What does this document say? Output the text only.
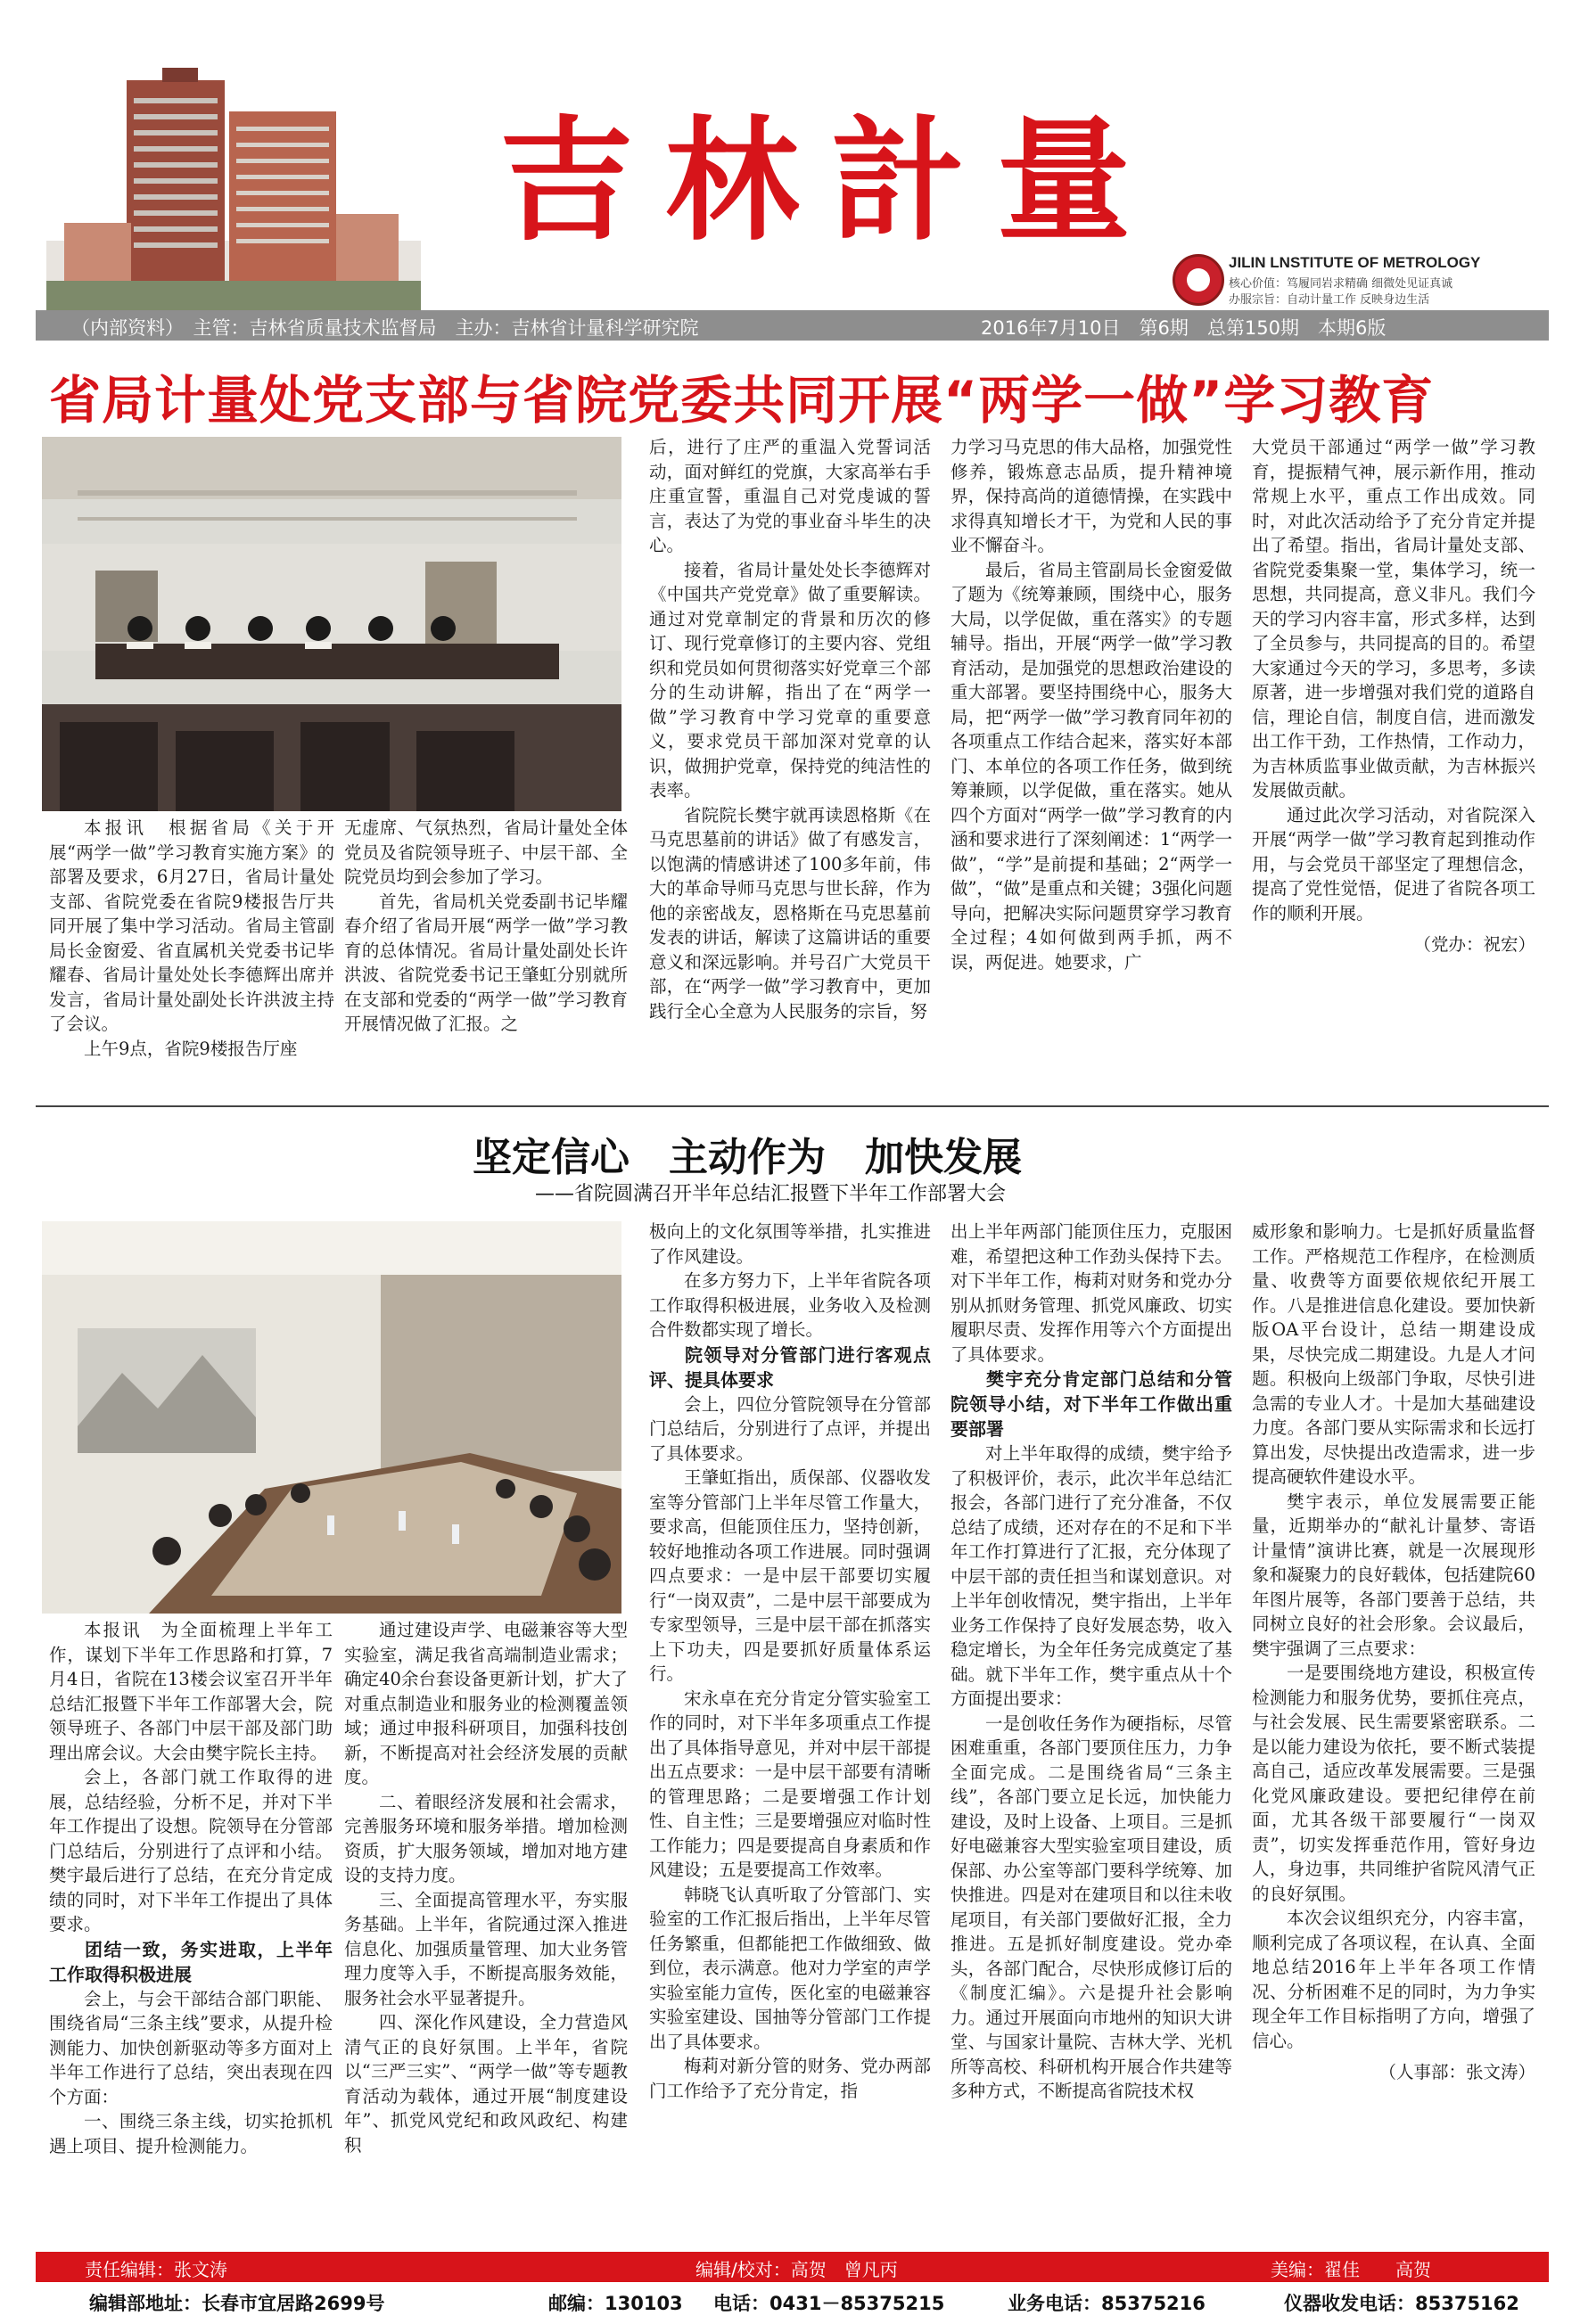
吉林計量
JILIN LNSTITUTE OF METROLOGY
核心价值：笃履同岩求精确 细微处见证真诚
办服宗旨：自动计量工作 反映身边生活
（内部资料）　主管：吉林省质量技术监督局　主办：吉林省计量科学研究院	2016年7月10日　第6期　总第150期　本期6版
省局计量处党支部与省院党委共同开展“两学一做”学习教育

本报讯　根据省局《关于开展“两学一做”学习教育实施方案》的部署及要求，6月27日，省局计量处支部、省院党委在省院9楼报告厅共同开展了集中学习活动。省局主管副局长金窗爱、省直属机关党委书记毕耀春、省局计量处处长李德辉出席并发言，省局计量处副处长许洪波主持了会议。

上午9点，省院9楼报告厅座

无虚席、气氛热烈，省局计量处全体党员及省院领导班子、中层干部、全院党员均到会参加了学习。

首先，省局机关党委副书记毕耀春介绍了省局开展“两学一做”学习教育的总体情况。省局计量处副处长许洪波、省院党委书记王肇虹分别就所在支部和党委的“两学一做”学习教育开展情况做了汇报。之

后，进行了庄严的重温入党誓词活动，面对鲜红的党旗，大家高举右手庄重宣誓，重温自己对党虔诚的誓言，表达了为党的事业奋斗毕生的决心。

接着，省局计量处处长李德辉对《中国共产党党章》做了重要解读。通过对党章制定的背景和历次的修订、现行党章修订的主要内容、党组织和党员如何贯彻落实好党章三个部分的生动讲解，指出了在“两学一做”学习教育中学习党章的重要意义，要求党员干部加深对党章的认识，做拥护党章，保持党的纯洁性的表率。

省院院长樊宇就再读恩格斯《在马克思墓前的讲话》做了有感发言，以饱满的情感讲述了100多年前，伟大的革命导师马克思与世长辞，作为他的亲密战友，恩格斯在马克思墓前发表的讲话，解读了这篇讲话的重要意义和深远影响。并号召广大党员干部，在“两学一做”学习教育中，更加践行全心全意为人民服务的宗旨，努

力学习马克思的伟大品格，加强党性修养，锻炼意志品质，提升精神境界，保持高尚的道德情操，在实践中求得真知增长才干，为党和人民的事业不懈奋斗。

最后，省局主管副局长金窗爱做了题为《统筹兼顾，围绕中心，服务大局，以学促做，重在落实》的专题辅导。指出，开展“两学一做”学习教育活动，是加强党的思想政治建设的重大部署。要坚持围绕中心，服务大局，把“两学一做”学习教育同年初的各项重点工作结合起来，落实好本部门、本单位的各项工作任务，做到统筹兼顾，以学促做，重在落实。她从四个方面对“两学一做”学习教育的内涵和要求进行了深刻阐述：1“两学一做”，“学”是前提和基础；2“两学一做”，“做”是重点和关键；3强化问题导向，把解决实际问题贯穿学习教育全过程；4如何做到两手抓，两不误，两促进。她要求，广

大党员干部通过“两学一做”学习教育，提振精气神，展示新作用，推动常规上水平，重点工作出成效。同时，对此次活动给予了充分肯定并提出了希望。指出，省局计量处支部、省院党委集聚一堂，集体学习，统一思想，共同提高，意义非凡。我们今天的学习内容丰富，形式多样，达到了全员参与，共同提高的目的。希望大家通过今天的学习，多思考，多读原著，进一步增强对我们党的道路自信，理论自信，制度自信，进而激发出工作干劲，工作热情，工作动力，为吉林质监事业做贡献，为吉林振兴发展做贡献。

通过此次学习活动，对省院深入开展“两学一做”学习教育起到推动作用，与会党员干部坚定了理想信念，提高了党性觉悟，促进了省院各项工作的顺利开展。

（党办：祝宏）

坚定信心　主动作为　加快发展
——省院圆满召开半年总结汇报暨下半年工作部署大会

本报讯　为全面梳理上半年工作，谋划下半年工作思路和打算，7月4日，省院在13楼会议室召开半年总结汇报暨下半年工作部署大会，院领导班子、各部门中层干部及部门助理出席会议。大会由樊宇院长主持。

会上，各部门就工作取得的进展，总结经验，分析不足，并对下半年工作提出了设想。院领导在分管部门总结后，分别进行了点评和小结。樊宇最后进行了总结，在充分肯定成绩的同时，对下半年工作提出了具体要求。

团结一致，务实进取，上半年工作取得积极进展

会上，与会干部结合部门职能、围绕省局“三条主线”要求，从提升检测能力、加快创新驱动等多方面对上半年工作进行了总结，突出表现在四个方面：

一、围绕三条主线，切实抢抓机遇上项目、提升检测能力。

通过建设声学、电磁兼容等大型实验室，满足我省高端制造业需求；确定40余台套设备更新计划，扩大了对重点制造业和服务业的检测覆盖领域；通过申报科研项目，加强科技创新，不断提高对社会经济发展的贡献度。

二、着眼经济发展和社会需求，完善服务环境和服务举措。增加检测资质，扩大服务领域，增加对地方建设的支持力度。

三、全面提高管理水平，夯实服务基础。上半年，省院通过深入推进信息化、加强质量管理、加大业务管理力度等入手，不断提高服务效能，服务社会水平显著提升。

四、深化作风建设，全力营造风清气正的良好氛围。上半年，省院以“三严三实”、“两学一做”等专题教育活动为载体，通过开展“制度建设年”、抓党风党纪和政风政纪、构建积

极向上的文化氛围等举措，扎实推进了作风建设。

在多方努力下，上半年省院各项工作取得积极进展，业务收入及检测合件数都实现了增长。

院领导对分管部门进行客观点评、提具体要求

会上，四位分管院领导在分管部门总结后，分别进行了点评，并提出了具体要求。

王肇虹指出，质保部、仪器收发室等分管部门上半年尽管工作量大，要求高，但能顶住压力，坚持创新，较好地推动各项工作进展。同时强调四点要求：一是中层干部要切实履行“一岗双责”，二是中层干部要成为专家型领导，三是中层干部在抓落实上下功夫，四是要抓好质量体系运行。

宋永卓在充分肯定分管实验室工作的同时，对下半年多项重点工作提出了具体指导意见，并对中层干部提出五点要求：一是中层干部要有清晰的管理思路；二是要增强工作计划性、自主性；三是要增强应对临时性工作能力；四是要提高自身素质和作风建设；五是要提高工作效率。

韩晓飞认真听取了分管部门、实验室的工作汇报后指出，上半年尽管任务繁重，但都能把工作做细致、做到位，表示满意。他对力学室的声学实验室能力宣传，医化室的电磁兼容实验室建设、国抽等分管部门工作提出了具体要求。

梅莉对新分管的财务、党办两部门工作给予了充分肯定，指

出上半年两部门能顶住压力，克服困难，希望把这种工作劲头保持下去。对下半年工作，梅莉对财务和党办分别从抓财务管理、抓党风廉政、切实履职尽责、发挥作用等六个方面提出了具体要求。

樊宇充分肯定部门总结和分管院领导小结，对下半年工作做出重要部署

对上半年取得的成绩，樊宇给予了积极评价，表示，此次半年总结汇报会，各部门进行了充分准备，不仅总结了成绩，还对存在的不足和下半年工作打算进行了汇报，充分体现了中层干部的责任担当和谋划意识。对上半年创收情况，樊宇指出，上半年业务工作保持了良好发展态势，收入稳定增长，为全年任务完成奠定了基础。就下半年工作，樊宇重点从十个方面提出要求：

一是创收任务作为硬指标，尽管困难重重，各部门要顶住压力，力争全面完成。二是围绕省局“三条主线”，各部门要立足长远，加快能力建设，及时上设备、上项目。三是抓好电磁兼容大型实验室项目建设，质保部、办公室等部门要科学统筹、加快推进。四是对在建项目和以往未收尾项目，有关部门要做好汇报，全力推进。五是抓好制度建设。党办牵头，各部门配合，尽快形成修订后的《制度汇编》。六是提升社会影响力。通过开展面向市地州的知识大讲堂、与国家计量院、吉林大学、光机所等高校、科研机构开展合作共建等多种方式，不断提高省院技术权

威形象和影响力。七是抓好质量监督工作。严格规范工作程序，在检测质量、收费等方面要依规依纪开展工作。八是推进信息化建设。要加快新版OA平台设计，总结一期建设成果，尽快完成二期建设。九是人才问题。积极向上级部门争取，尽快引进急需的专业人才。十是加大基础建设力度。各部门要从实际需求和长远打算出发，尽快提出改造需求，进一步提高硬软件建设水平。

樊宇表示，单位发展需要正能量，近期举办的“献礼计量梦、寄语计量情”演讲比赛，就是一次展现形象和凝聚力的良好载体，包括建院60年图片展等，各部门要善于总结，共同树立良好的社会形象。会议最后，樊宇强调了三点要求：

一是要围绕地方建设，积极宣传检测能力和服务优势，要抓住亮点，与社会发展、民生需要紧密联系。二是以能力建设为依托，要不断式装提高自己，适应改革发展需要。三是强化党风廉政建设。要把纪律停在前面，尤其各级干部要履行“一岗双责”，切实发挥垂范作用，管好身边人，身边事，共同维护省院风清气正的良好氛围。

本次会议组织充分，内容丰富，顺利完成了各项议程，在认真、全面地总结2016年上半年各项工作情况、分析困难不足的同时，为力争实现全年工作目标指明了方向，增强了信心。

（人事部：张文涛）

责任编辑：张文涛	编辑/校对：高贺　曾凡丙	美编：翟佳　　高贺
编辑部地址：长春市宜居路2699号	邮编：130103 电话：0431－85375215	业务电话：85375216	仪器收发电话：85375162
